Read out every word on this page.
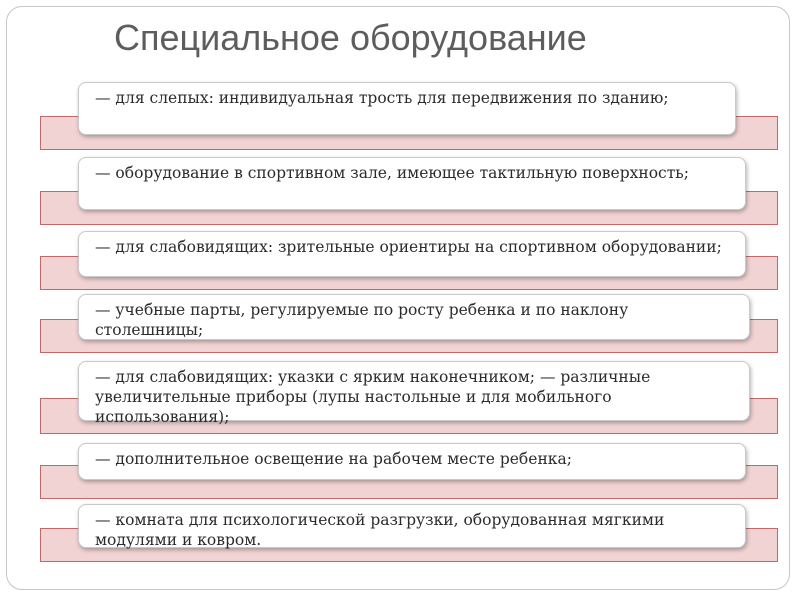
Специальное оборудование
— для слепых: индивидуальная трость для передвижения по зданию;
— оборудование в спортивном зале, имеющее тактильную поверхность;
— для слабовидящих: зрительные ориентиры на спортивном оборудовании;
— учебные парты, регулируемые по росту ребенка и по наклону столешницы;
— для слабовидящих: указки с ярким наконечником; — различные увеличительные приборы (лупы настольные и для мобильного использования);
— дополнительное освещение на рабочем месте ребенка;
— комната для психологической разгрузки, оборудованная мягкими модулями и ковром.
